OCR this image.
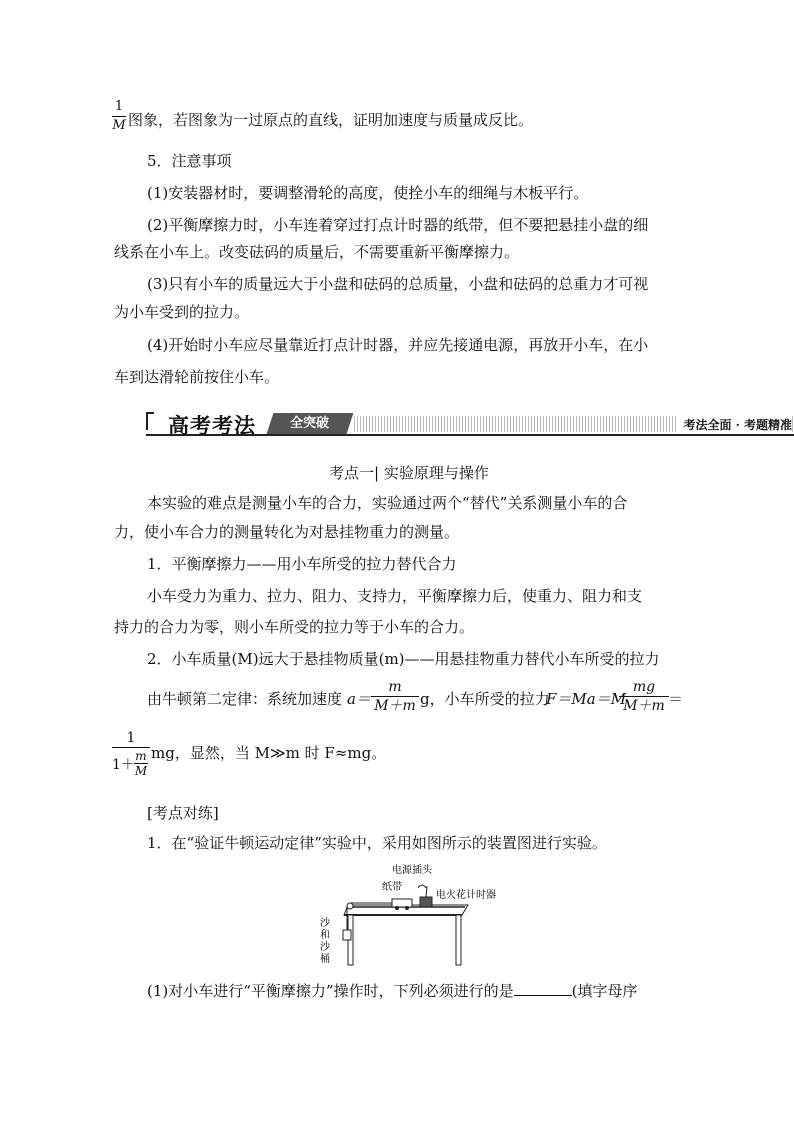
1
M 图象，若图象为一过原点的直线，证明加速度与质量成反比。
5．注意事项
(1)安装器材时，要调整滑轮的高度，使拴小车的细绳与木板平行。
(2)平衡摩擦力时，小车连着穿过打点计时器的纸带，但不要把悬挂小盘的细
线系在小车上。改变砝码的质量后，不需要重新平衡摩擦力。
(3)只有小车的质量远大于小盘和砝码的总质量，小盘和砝码的总重力才可视
为小车受到的拉力。
(4)开始时小车应尽量靠近打点计时器，并应先接通电源，再放开小车，在小
车到达滑轮前按住小车。
高考考法	全突破	考法全面 · 考题精准
考点一| 实验原理与操作
本实验的难点是测量小车的合力，实验通过两个“替代”关系测量小车的合
力，使小车合力的测量转化为对悬挂物重力的测量。
1．平衡摩擦力——用小车所受的拉力替代合力
小车受力为重力、拉力、阻力、支持力，平衡摩擦力后，使重力、阻力和支
持力的合力为零，则小车所受的拉力等于小车的合力。
2．小车质量(M)远大于悬挂物质量(m)——用悬挂物重力替代小车所受的拉力
由牛顿第二定律：系统加速度 a＝
m
M＋m g，小车所受的拉力
F＝Ma＝M
mg
M＋m ＝
1
1＋
m
M
mg，显然，当 M≫m 时 F≈mg。
[考点对练]
1．在“验证牛顿运动定律”实验中，采用如图所示的装置图进行实验。
电源插头
纸带
电火花计时器
沙
和
沙
桶
(1)对小车进行“平衡摩擦力”操作时，下列必须进行的是	(填字母序
